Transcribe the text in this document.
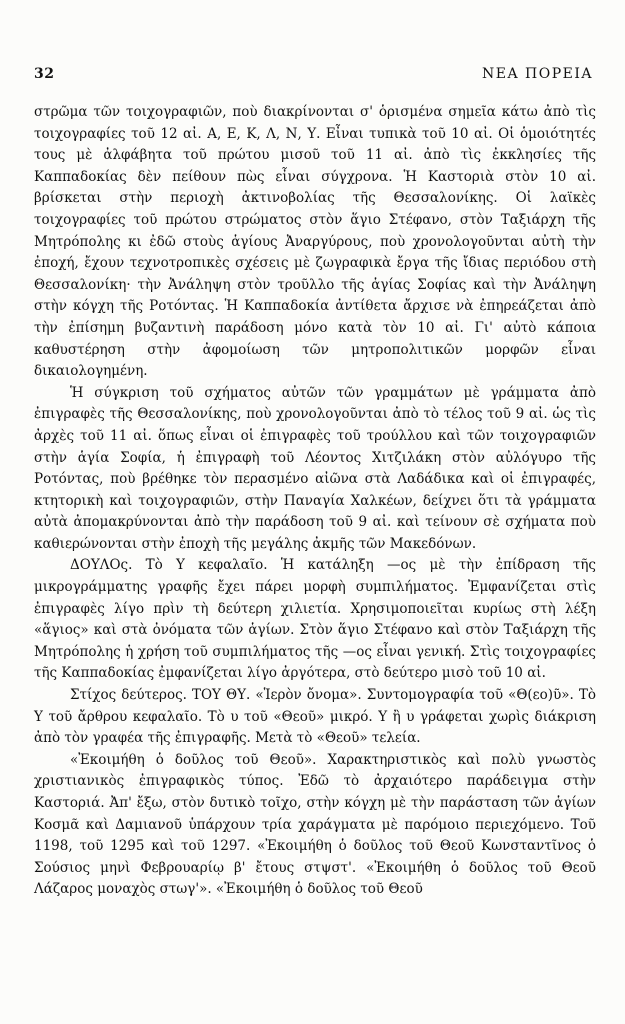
32	ΝΕΑ ΠΟΡΕΙΑ

στρῶμα τῶν τοιχογραφιῶν, ποὺ διακρίνονται σ' ὁρισμένα σημεῖα κάτω ἀπὸ τὶς τοιχογραφίες τοῦ 12 αἰ. Α, Ε, Κ, Λ, Ν, Υ. Εἶναι τυπικὰ τοῦ 10 αἰ. Οἱ ὁμοιότητές τους μὲ ἀλφάβητα τοῦ πρώτου μισοῦ τοῦ 11 αἰ. ἀπὸ τὶς ἐκκλησίες τῆς Καππαδοκίας δὲν πείθουν πὼς εἶναι σύγχρονα. Ἡ Καστοριὰ στὸν 10 αἰ. βρίσκεται στὴν περιοχὴ ἀκτινοβολίας τῆς Θεσσαλονίκης. Οἱ λαϊκὲς τοιχογραφίες τοῦ πρώτου στρώματος στὸν ἅγιο Στέφανο, στὸν Ταξιάρχη τῆς Μητρόπολης κι ἐδῶ στοὺς ἁγίους Ἀναργύρους, ποὺ χρονολογοῦνται αὐτὴ τὴν ἐποχή, ἔχουν τεχνοτροπικὲς σχέσεις μὲ ζωγραφικὰ ἔργα τῆς ἴδιας περιόδου στὴ Θεσσαλονίκη· τὴν Ἀνάληψη στὸν τροῦλλο τῆς ἁγίας Σοφίας καὶ τὴν Ἀνάληψη στὴν κόγχη τῆς Ροτόντας. Ἡ Καππαδοκία ἀντίθετα ἄρχισε νὰ ἐπηρεάζεται ἀπὸ τὴν ἐπίσημη βυζαντινὴ παράδοση μόνο κατὰ τὸν 10 αἰ. Γι' αὐτὸ κάποια καθυστέρηση στὴν ἀφομοίωση τῶν μητροπολιτικῶν μορφῶν εἶναι δικαιολογημένη.

Ἡ σύγκριση τοῦ σχήματος αὐτῶν τῶν γραμμάτων μὲ γράμματα ἀπὸ ἐπιγραφὲς τῆς Θεσσαλονίκης, ποὺ χρονολογοῦνται ἀπὸ τὸ τέλος τοῦ 9 αἰ. ὡς τὶς ἀρχὲς τοῦ 11 αἰ. ὅπως εἶναι οἱ ἐπιγραφὲς τοῦ τρούλλου καὶ τῶν τοιχογραφιῶν στὴν ἁγία Σοφία, ἡ ἐπιγραφὴ τοῦ Λέοντος Χιτζιλάκη στὸν αὐλόγυρο τῆς Ροτόντας, ποὺ βρέθηκε τὸν περασμένο αἰῶνα στὰ Λαδάδικα καὶ οἱ ἐπιγραφές, κτητορικὴ καὶ τοιχογραφιῶν, στὴν Παναγία Χαλκέων, δείχνει ὅτι τὰ γράμματα αὐτὰ ἀπομακρύνονται ἀπὸ τὴν παράδοση τοῦ 9 αἰ. καὶ τείνουν σὲ σχήματα ποὺ καθιερώνονται στὴν ἐποχὴ τῆς μεγάλης ἀκμῆς τῶν Μακεδόνων.

ΔΟΥΛΟς. Τὸ Υ κεφαλαῖο. Ἡ κατάληξη —ος μὲ τὴν ἐπίδραση τῆς μικρογράμματης γραφῆς ἔχει πάρει μορφὴ συμπιλήματος. Ἐμφανίζεται στὶς ἐπιγραφὲς λίγο πρὶν τὴ δεύτερη χιλιετία. Χρησιμοποιεῖται κυρίως στὴ λέξη «ἅγιος» καὶ στὰ ὀνόματα τῶν ἁγίων. Στὸν ἅγιο Στέφανο καὶ στὸν Ταξιάρχη τῆς Μητρόπολης ἡ χρήση τοῦ συμπιλήματος τῆς —ος εἶναι γενική. Στὶς τοιχογραφίες τῆς Καππαδοκίας ἐμφανίζεται λίγο ἀργότερα, στὸ δεύτερο μισὸ τοῦ 10 αἰ.

Στίχος δεύτερος. ΤΟΥ ΘΥ. «Ἱερὸν ὄνομα». Συντομογραφία τοῦ «Θ(εο)ῦ». Τὸ Υ τοῦ ἄρθρου κεφαλαῖο. Τὸ υ τοῦ «Θεοῦ» μικρό. Υ ἢ υ γράφεται χωρὶς διάκριση ἀπὸ τὸν γραφέα τῆς ἐπιγραφῆς. Μετὰ τὸ «Θεοῦ» τελεία.

«Ἐκοιμήθη ὁ δοῦλος τοῦ Θεοῦ». Χαρακτηριστικὸς καὶ πολὺ γνωστὸς χριστιανικὸς ἐπιγραφικὸς τύπος. Ἐδῶ τὸ ἀρχαιότερο παράδειγμα στὴν Καστοριά. Ἀπ' ἔξω, στὸν δυτικὸ τοῖχο, στὴν κόγχη μὲ τὴν παράσταση τῶν ἁγίων Κοσμᾶ καὶ Δαμιανοῦ ὑπάρχουν τρία χαράγματα μὲ παρόμοιο περιεχόμενο. Τοῦ 1198, τοῦ 1295 καὶ τοῦ 1297. «Ἐκοιμήθη ὁ δοῦλος τοῦ Θεοῦ Κωνσταντῖνος ὁ Σούσιος μηνὶ Φεβρουαρίῳ β' ἔτους στψστ'. «Ἐκοιμήθη ὁ δοῦλος τοῦ Θεοῦ Λάζαρος μοναχὸς στωγ'». «Ἐκοιμήθη ὁ δοῦλος τοῦ Θεοῦ
